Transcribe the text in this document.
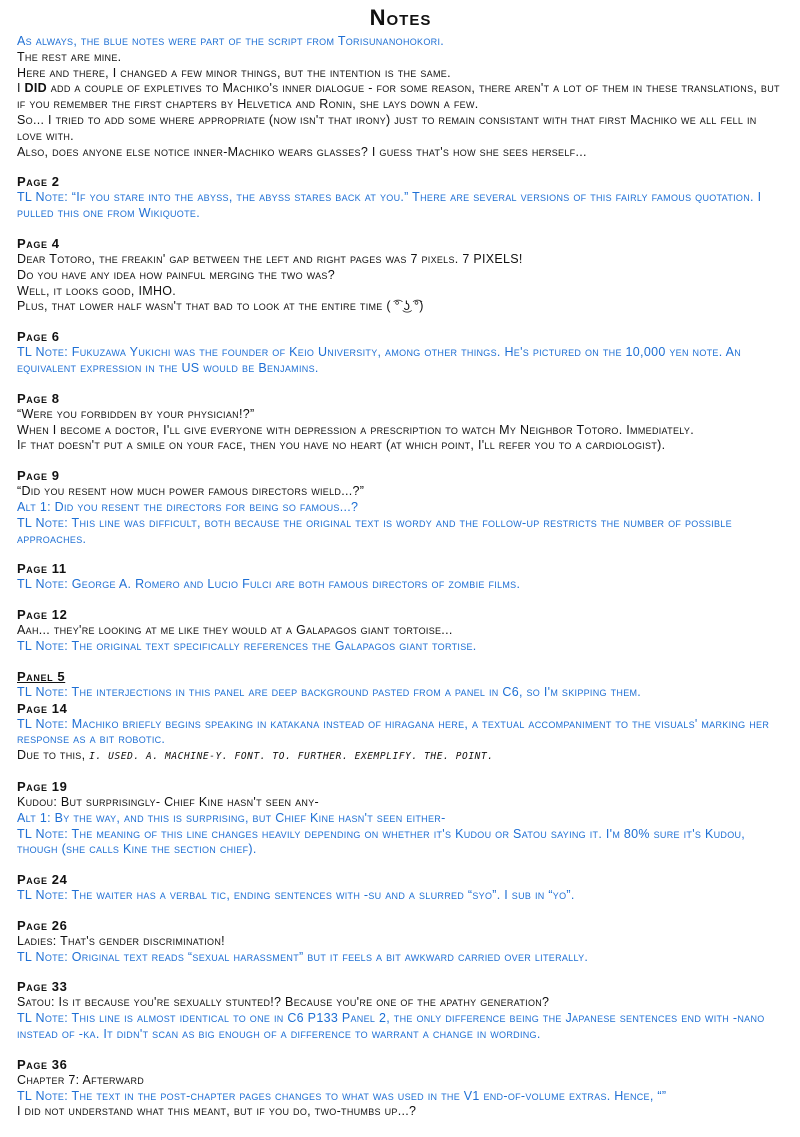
Notes
As always, the blue notes were part of the script from Torisunanohokori.
The rest are mine.
Here and there, I changed a few minor things, but the intention is the same.
I DID add a couple of expletives to Machiko's inner dialogue - for some reason, there aren't a lot of them in these translations, but if you remember the first chapters by Helvetica and Ronin, she lays down a few.
So... I tried to add some where appropriate (now isn't that irony) just to remain consistant with that first Machiko we all fell in love with.
Also, does anyone else notice inner-Machiko wears glasses? I guess that's how she sees herself...
Page 2
TL Note: “If you stare into the abyss, the abyss stares back at you.” There are several versions of this fairly famous quotation. I pulled this one from Wikiquote.
Page 4
Dear Totoro, the freakin' gap between the left and right pages was 7 pixels. 7 PIXELS!
Do you have any idea how painful merging the two was?
Well, it looks good, IMHO.
Plus, that lower half wasn't that bad to look at the entire time ( ͡° ͜ʖ ͡°)
Page 6
TL Note: Fukuzawa Yukichi was the founder of Keio University, among other things. He's pictured on the 10,000 yen note. An equivalent expression in the US would be Benjamins.
Page 8
“Were you forbidden by your physician!?”
When I become a doctor, I'll give everyone with depression a prescription to watch My Neighbor Totoro. Immediately.
If that doesn't put a smile on your face, then you have no heart (at which point, I'll refer you to a cardiologist).
Page 9
“Did you resent how much power famous directors wield...?”
Alt 1: Did you resent the directors for being so famous...?
TL Note: This line was difficult, both because the original text is wordy and the follow-up restricts the number of possible approaches.
Page 11
TL Note: George A. Romero and Lucio Fulci are both famous directors of zombie films.
Page 12
Aah... they're looking at me like they would at a Galapagos giant tortoise...
TL Note: The original text specifically references the Galapagos giant tortise.
Panel 5
TL Note: The interjections in this panel are deep background pasted from a panel in C6, so I'm skipping them.
Page 14
TL Note: Machiko briefly begins speaking in katakana instead of hiragana here, a textual accompaniment to the visuals' marking her response as a bit robotic.
Due to this, I. USED. A. MACHINE-Y. FONT. TO. FURTHER. EXEMPLIFY. THE. POINT.
Page 19
Kudou: But surprisingly- Chief Kine hasn't seen any-
Alt 1: By the way, and this is surprising, but Chief Kine hasn't seen either-
TL Note: The meaning of this line changes heavily depending on whether it's Kudou or Satou saying it. I'm 80% sure it's Kudou, though (she calls Kine the section chief).
Page 24
TL Note: The waiter has a verbal tic, ending sentences with -su and a slurred “syo”. I sub in “yo”.
Page 26
Ladies: That's gender discrimination!
TL Note: Original text reads “sexual harassment” but it feels a bit awkward carried over literally.
Page 33
Satou: Is it because you're sexually stunted!? Because you're one of the apathy generation?
TL Note: This line is almost identical to one in C6 P133 Panel 2, the only difference being the Japanese sentences end with -nano instead of -ka. It didn't scan as big enough of a difference to warrant a change in wording.
Page 36
Chapter 7: Afterward
TL Note: The text in the post-chapter pages changes to what was used in the V1 end-of-volume extras. Hence, “”
I did not understand what this meant, but if you do, two-thumbs up...?
